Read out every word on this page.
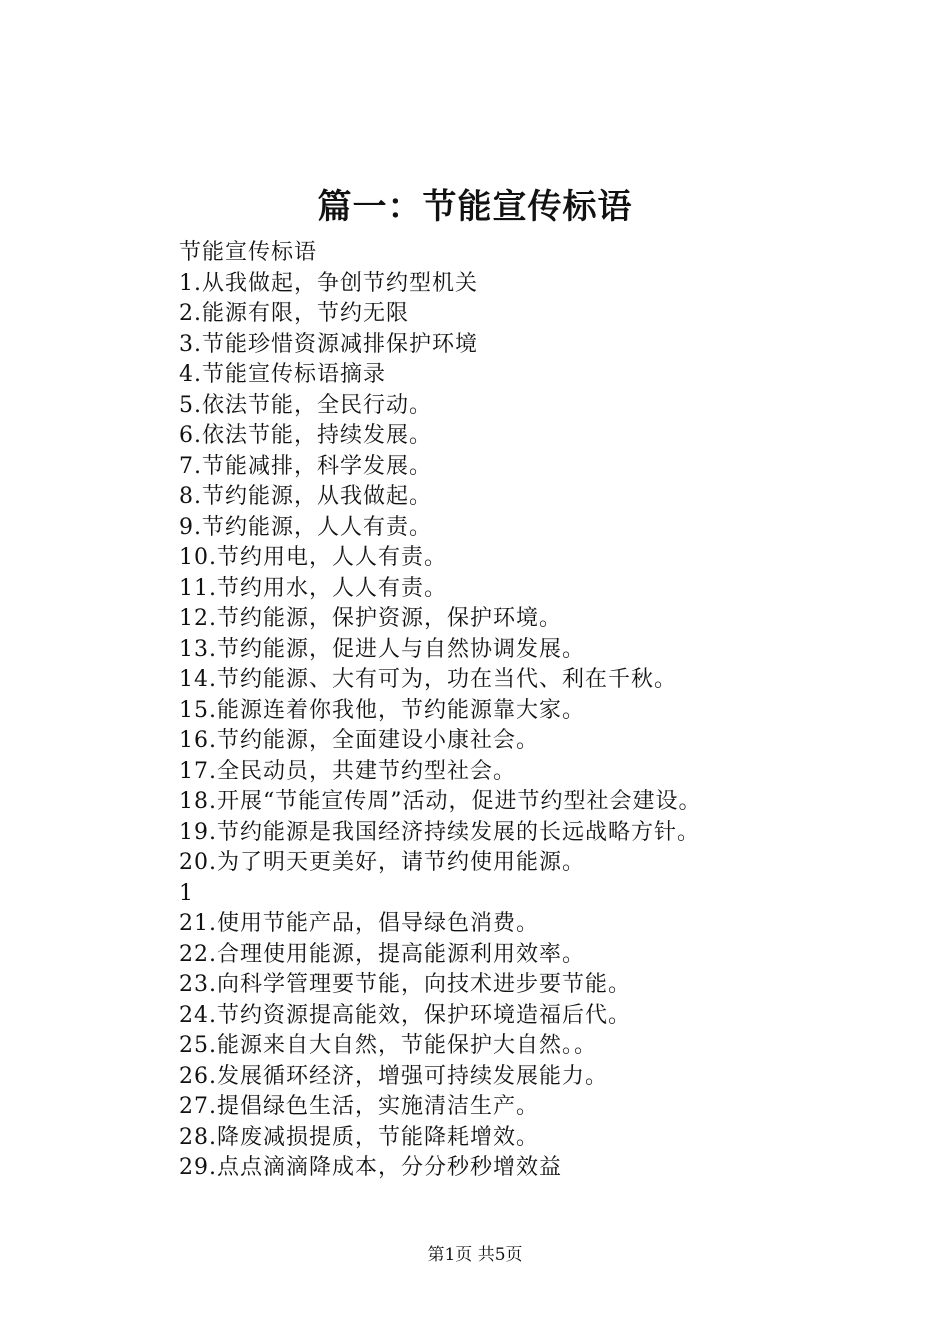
篇一：节能宣传标语
节能宣传标语
1.从我做起，争创节约型机关
2.能源有限，节约无限
3.节能珍惜资源减排保护环境
4.节能宣传标语摘录
5.依法节能，全民行动。
6.依法节能，持续发展。
7.节能减排，科学发展。
8.节约能源，从我做起。
9.节约能源，人人有责。
10.节约用电，人人有责。
11.节约用水，人人有责。
12.节约能源，保护资源，保护环境。
13.节约能源，促进人与自然协调发展。
14.节约能源、大有可为，功在当代、利在千秋。
15.能源连着你我他，节约能源靠大家。
16.节约能源，全面建设小康社会。
17.全民动员，共建节约型社会。
18.开展“节能宣传周”活动，促进节约型社会建设。
19.节约能源是我国经济持续发展的长远战略方针。
20.为了明天更美好，请节约使用能源。
1
21.使用节能产品，倡导绿色消费。
22.合理使用能源，提高能源利用效率。
23.向科学管理要节能，向技术进步要节能。
24.节约资源提高能效，保护环境造福后代。
25.能源来自大自然，节能保护大自然。。
26.发展循环经济，增强可持续发展能力。
27.提倡绿色生活，实施清洁生产。
28.降废减损提质，节能降耗增效。
29.点点滴滴降成本，分分秒秒增效益
第1页 共5页
